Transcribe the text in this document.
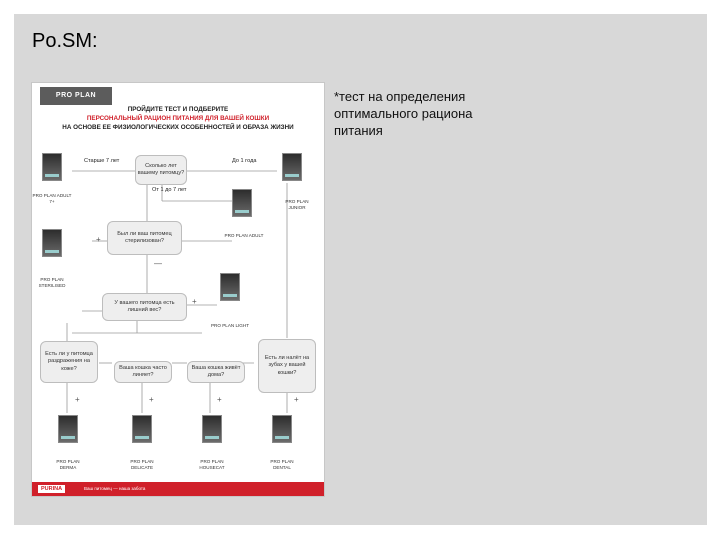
Po.SM:
*тест на определения оптимального рациона питания
PRO PLAN
ПРОЙДИТЕ ТЕСТ И ПОДБЕРИТЕ
ПЕРСОНАЛЬНЫЙ РАЦИОН ПИТАНИЯ ДЛЯ ВАШЕЙ КОШКИ
НА ОСНОВЕ ЕЕ ФИЗИОЛОГИЧЕСКИХ ОСОБЕННОСТЕЙ И ОБРАЗА ЖИЗНИ
Сколько лет вашему питомцу?
Старше 7 лет	До 1 года
От 1 до 7 лет
PRO PLAN ADULT 7+	PRO PLAN JUNIOR
PRO PLAN ADULT
Был ли ваш питомец стерилизован?
+
—
PRO PLAN STERILISED
У вашего питомца есть лишний вес?
+
PRO PLAN LIGHT
Есть ли у питомца раздражения на коже?	Ваша кошка часто линяет?
Ваша кошка живёт дома?
Есть ли налёт на зубах у вашей кошки?
+	+	+	+
PRO PLAN DERMA
PRO PLAN DELICATE
PRO PLAN HOUSECAT
PRO PLAN DENTAL
PURINA	Ваш питомец — наша забота
